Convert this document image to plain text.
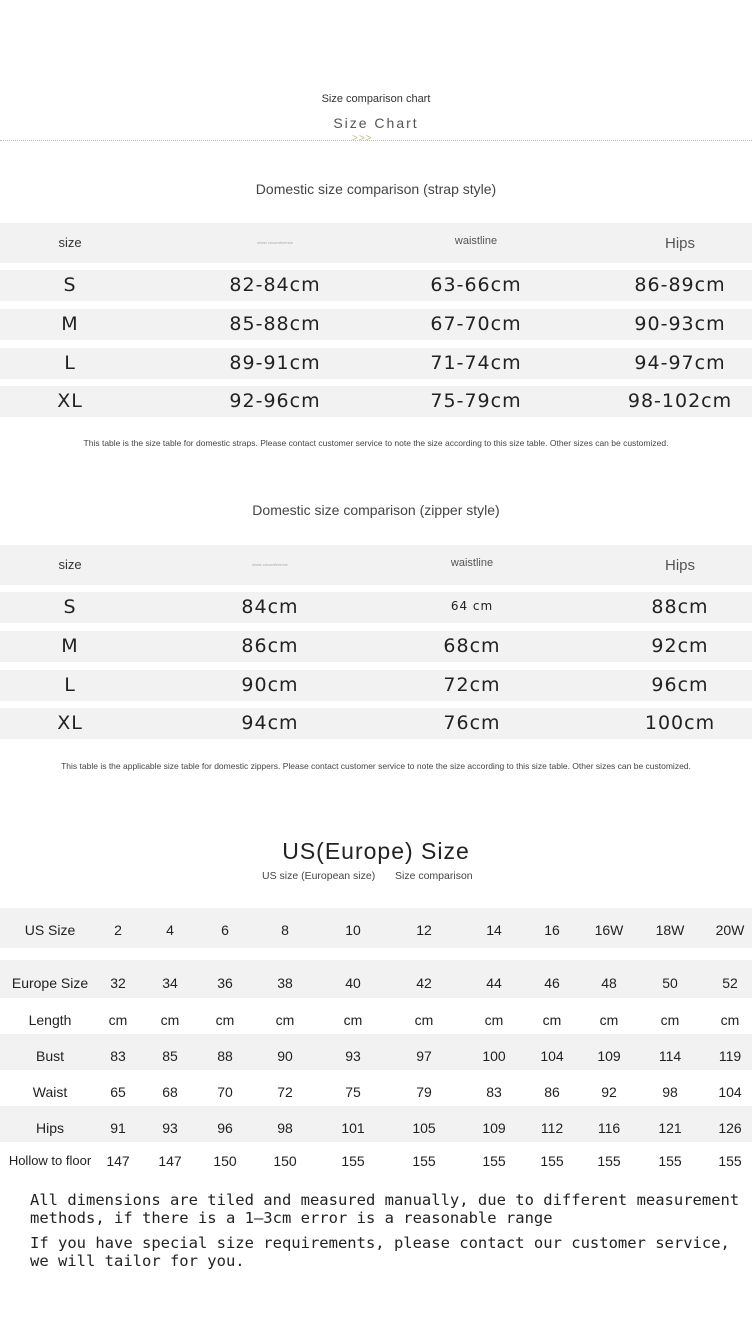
Size comparison chart
Size Chart
>>>
Domestic size comparison (strap style)
size	chest circumference	waistline	Hips
S	82-84cm	63-66cm	86-89cm
M	85-88cm	67-70cm	90-93cm
L	89-91cm	71-74cm	94-97cm
XL	92-96cm	75-79cm	98-102cm
This table is the size table for domestic straps. Please contact customer service to note the size according to this size table. Other sizes can be customized.
Domestic size comparison (zipper style)
size	chest circumference	waistline	Hips
S	84cm	64 cm	88cm
M	86cm	68cm	92cm
L	90cm	72cm	96cm
XL	94cm	76cm	100cm
This table is the applicable size table for domestic zippers. Please contact customer service to note the size according to this size table. Other sizes can be customized.
US(Europe) Size
US size (European size) Size comparison
US Size	2	4	6	8	10	12	14	16 16W 18W 20W
Europe Size 32	34	36	38	40	42	44	46	48	50	52
Length	cm cm	cm	cm	cm	cm	cm	cm	cm	cm	cm
Bust	83	85	88	90	93	97	100 104 109	114	119
Waist	65	68	70	72	75	79	83	86	92	98	104
Hips	91	93	96	98	101	105	109	112 116	121	126
Hollow to floor 147 147 150	150	155	155	155 155 155	155	155
All dimensions are tiled and measured manually, due to different measurement
methods, if there is a 1—3cm error is a reasonable range
If you have special size requirements, please contact our customer service,
we will tailor for you.
